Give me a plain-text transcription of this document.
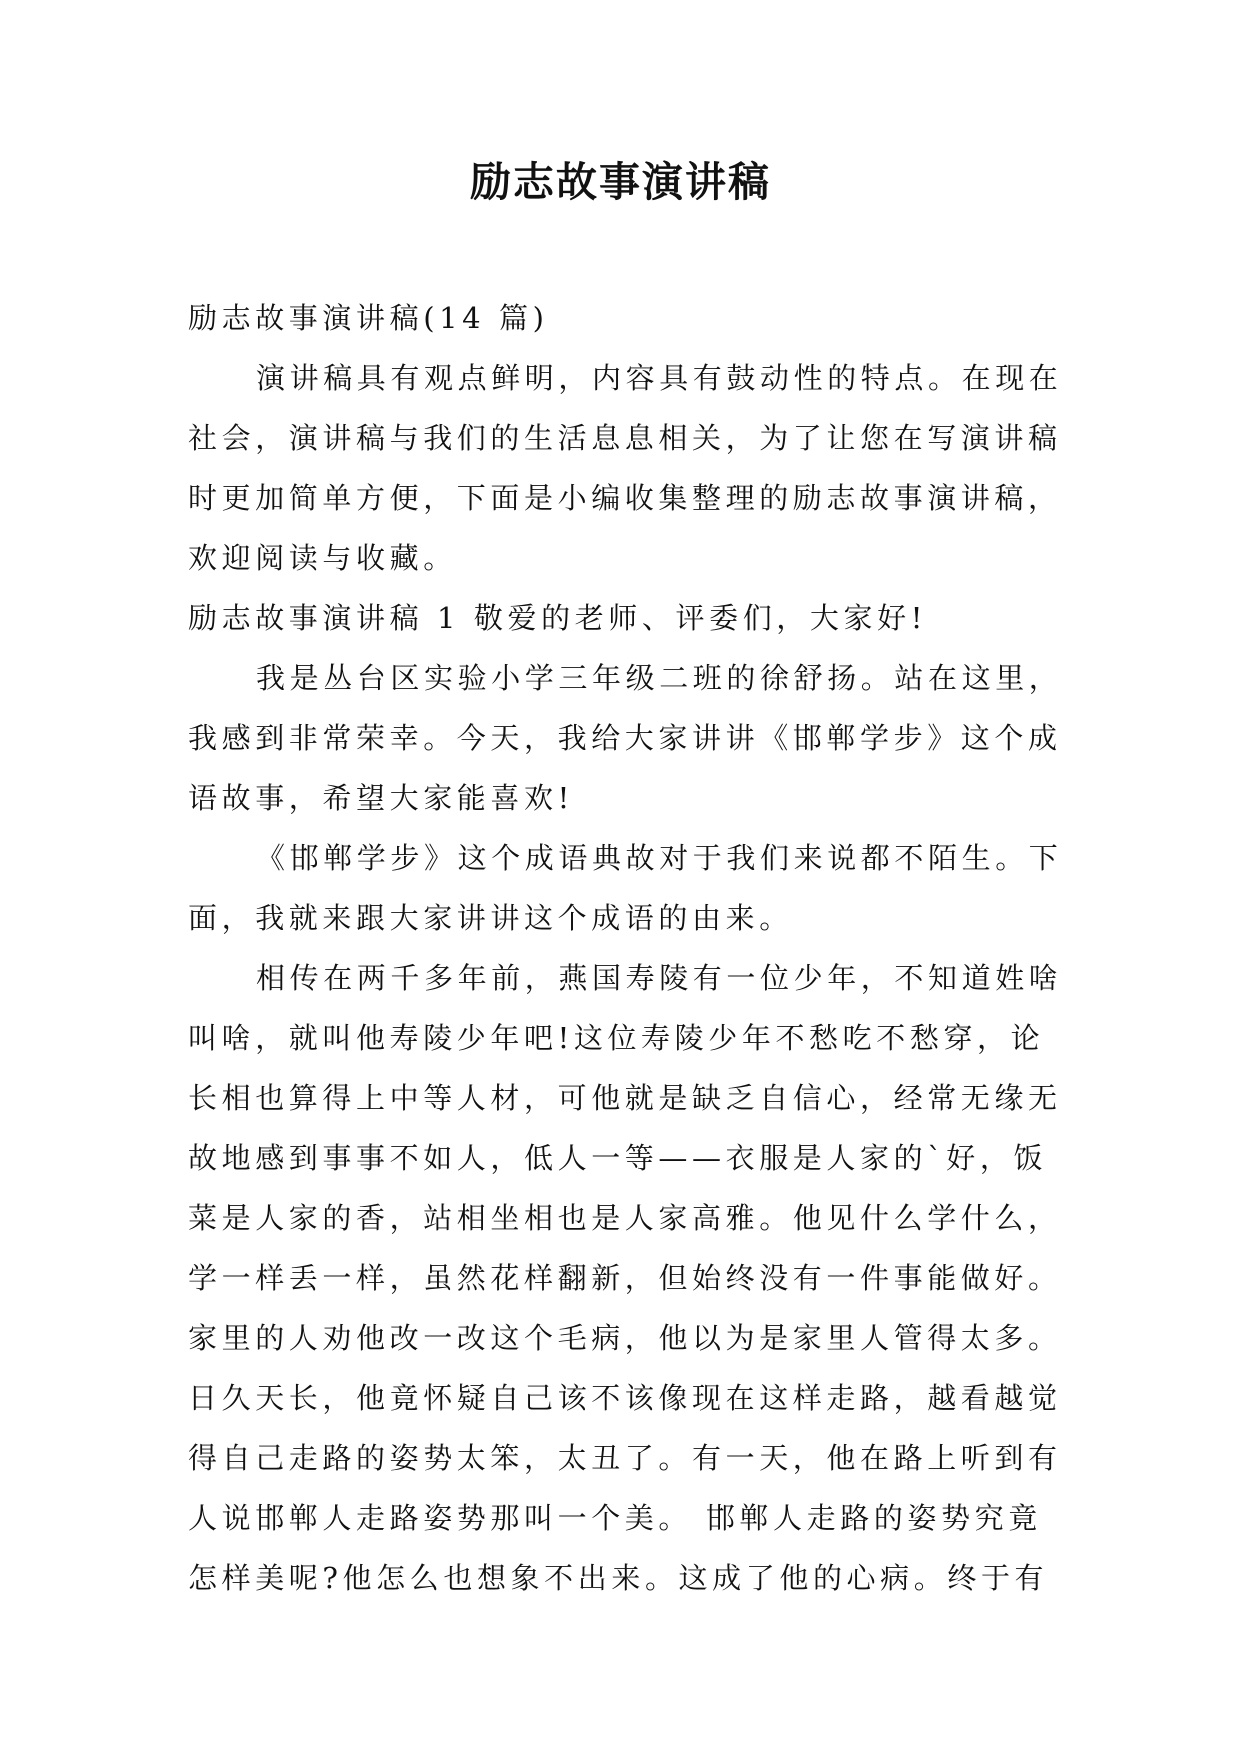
励志故事演讲稿
励志故事演讲稿(14 篇)
演讲稿具有观点鲜明，内容具有鼓动性的特点。在现在
社会，演讲稿与我们的生活息息相关，为了让您在写演讲稿
时更加简单方便，下面是小编收集整理的励志故事演讲稿，
欢迎阅读与收藏。
励志故事演讲稿 1 敬爱的老师、评委们，大家好!
我是丛台区实验小学三年级二班的徐舒扬。站在这里，
我感到非常荣幸。今天，我给大家讲讲《邯郸学步》这个成
语故事，希望大家能喜欢!
《邯郸学步》这个成语典故对于我们来说都不陌生。下
面，我就来跟大家讲讲这个成语的由来。
相传在两千多年前，燕国寿陵有一位少年，不知道姓啥
叫啥，就叫他寿陵少年吧!这位寿陵少年不愁吃不愁穿，论
长相也算得上中等人材，可他就是缺乏自信心，经常无缘无
故地感到事事不如人，低人一等——衣服是人家的`好，饭
菜是人家的香，站相坐相也是人家高雅。他见什么学什么，
学一样丢一样，虽然花样翻新，但始终没有一件事能做好。
家里的人劝他改一改这个毛病，他以为是家里人管得太多。
日久天长，他竟怀疑自己该不该像现在这样走路，越看越觉
得自己走路的姿势太笨，太丑了。有一天，他在路上听到有
人说邯郸人走路姿势那叫一个美。 邯郸人走路的姿势究竟
怎样美呢?他怎么也想象不出来。这成了他的心病。终于有
